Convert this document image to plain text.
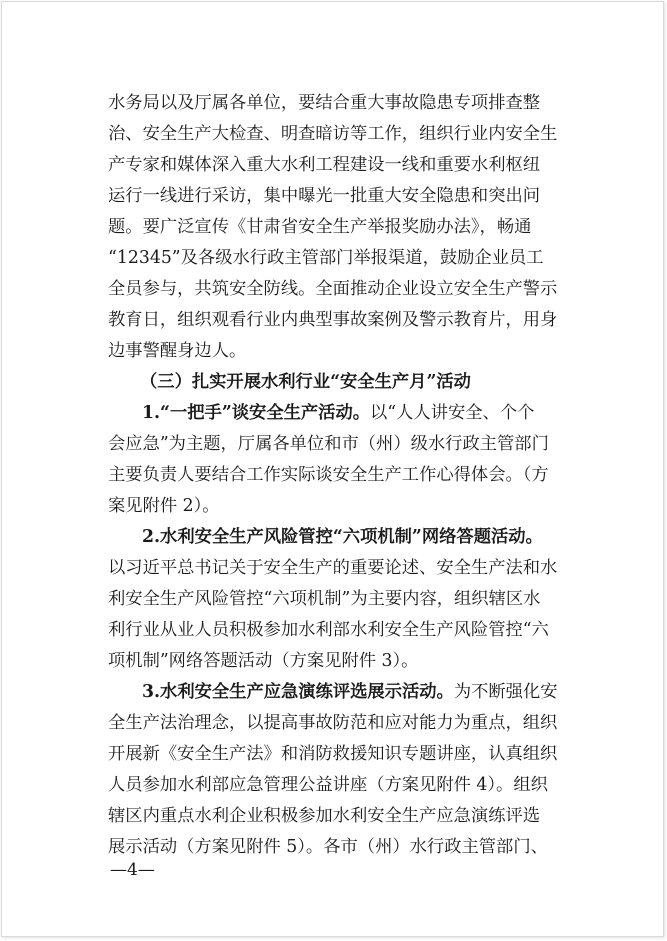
水务局以及厅属各单位，要结合重大事故隐患专项排查整
治、安全生产大检查、明查暗访等工作，组织行业内安全生
产专家和媒体深入重大水利工程建设一线和重要水利枢纽
运行一线进行采访，集中曝光一批重大安全隐患和突出问
题。要广泛宣传《甘肃省安全生产举报奖励办法》，畅通
“12345”及各级水行政主管部门举报渠道，鼓励企业员工
全员参与，共筑安全防线。全面推动企业设立安全生产警示
教育日，组织观看行业内典型事故案例及警示教育片，用身
边事警醒身边人。
（三）扎实开展水利行业“安全生产月”活动
1.“一把手”谈安全生产活动。以“人人讲安全、个个
会应急”为主题，厅属各单位和市（州）级水行政主管部门
主要负责人要结合工作实际谈安全生产工作心得体会。（方
案见附件 2）。
2.水利安全生产风险管控“六项机制”网络答题活动。
以习近平总书记关于安全生产的重要论述、安全生产法和水
利安全生产风险管控“六项机制”为主要内容，组织辖区水
利行业从业人员积极参加水利部水利安全生产风险管控“六
项机制”网络答题活动（方案见附件 3）。
3.水利安全生产应急演练评选展示活动。为不断强化安
全生产法治理念，以提高事故防范和应对能力为重点，组织
开展新《安全生产法》和消防救援知识专题讲座，认真组织
人员参加水利部应急管理公益讲座（方案见附件 4）。组织
辖区内重点水利企业积极参加水利安全生产应急演练评选
展示活动（方案见附件 5）。各市（州）水行政主管部门、
—4—
